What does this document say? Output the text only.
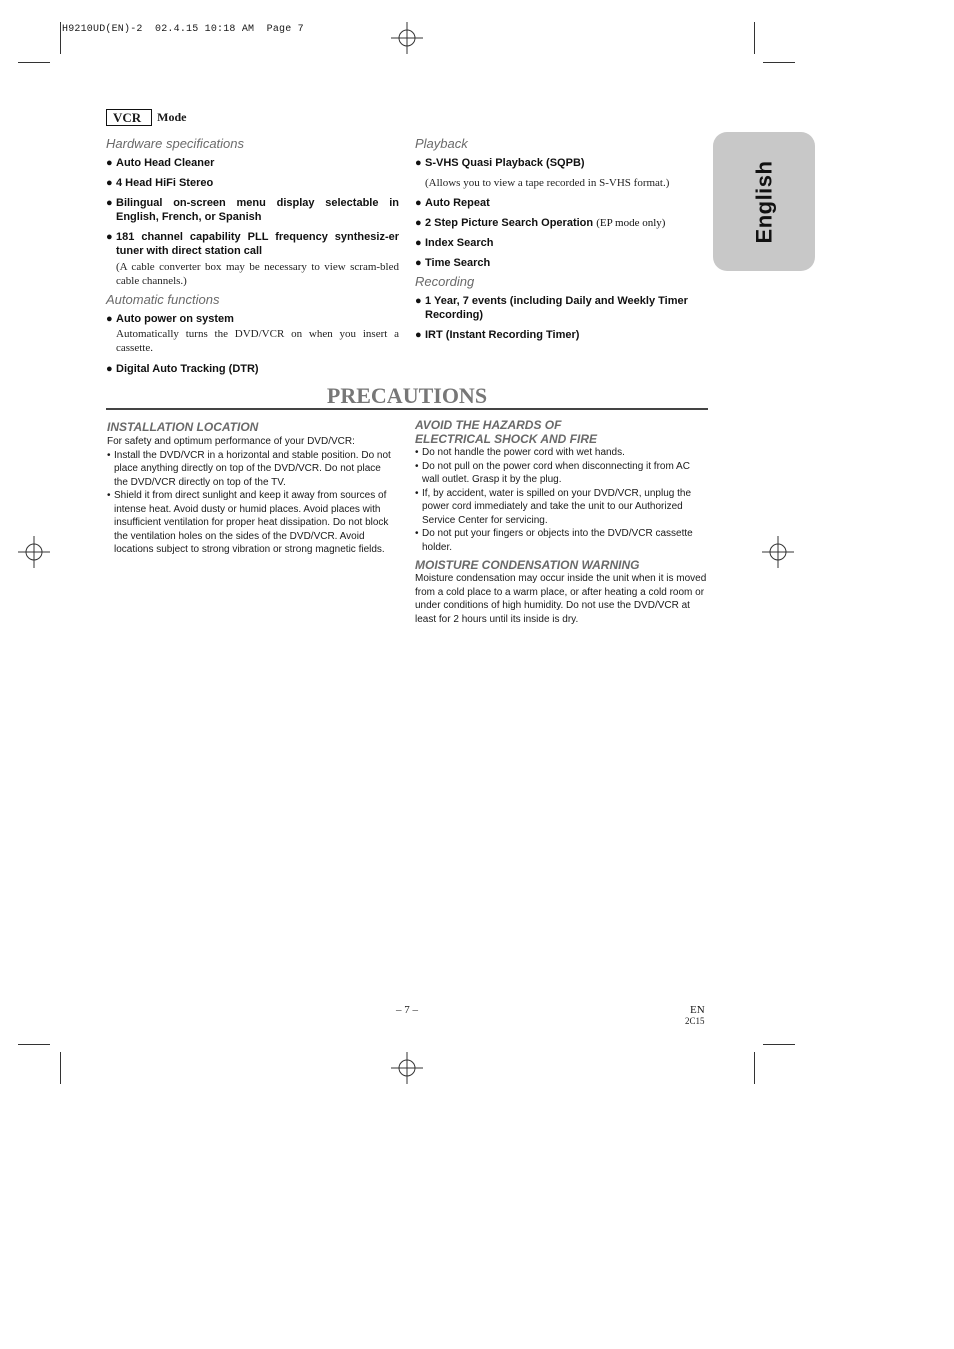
H9210UD(EN)-2  02.4.15 10:18 AM  Page 7
English
VCR	Mode
Hardware specifications
● Auto Head Cleaner
● 4 Head HiFi Stereo
● Bilingual on-screen menu display selectable in English, French, or Spanish
● 181 channel capability PLL frequency synthesiz-er tuner with direct station call
(A cable converter box may be necessary to view scram-bled cable channels.)
Automatic functions
● Auto power on system
Automatically turns the DVD/VCR on when you insert a cassette.
● Digital Auto Tracking (DTR)
Playback
● S-VHS Quasi Playback (SQPB)
(Allows you to view a tape recorded in S-VHS format.)
● Auto Repeat
● 2 Step Picture Search Operation (EP mode only)
● Index Search
● Time Search
Recording
● 1 Year, 7 events (including Daily and Weekly Timer Recording)
● IRT (Instant Recording Timer)
PRECAUTIONS
INSTALLATION LOCATION
For safety and optimum performance of your DVD/VCR:
• Install the DVD/VCR in a horizontal and stable position. Do not place anything directly on top of the DVD/VCR. Do not place the DVD/VCR directly on top of the TV.
• Shield it from direct sunlight and keep it away from sources of intense heat. Avoid dusty or humid places. Avoid places with insufficient ventilation for proper heat dissipation. Do not block the ventilation holes on the sides of the DVD/VCR. Avoid locations subject to strong vibration or strong magnetic fields.
AVOID THE HAZARDS OF
ELECTRICAL SHOCK AND FIRE
• Do not handle the power cord with wet hands.
• Do not pull on the power cord when disconnecting it from AC wall outlet. Grasp it by the plug.
• If, by accident, water is spilled on your DVD/VCR, unplug the power cord immediately and take the unit to our Authorized Service Center for servicing.
• Do not put your fingers or objects into the DVD/VCR cassette holder.
MOISTURE CONDENSATION WARNING
Moisture condensation may occur inside the unit when it is moved from a cold place to a warm place, or after heating a cold room or under conditions of high humidity. Do not use the DVD/VCR at least for 2 hours until its inside is dry.
– 7 –	EN
2C15
